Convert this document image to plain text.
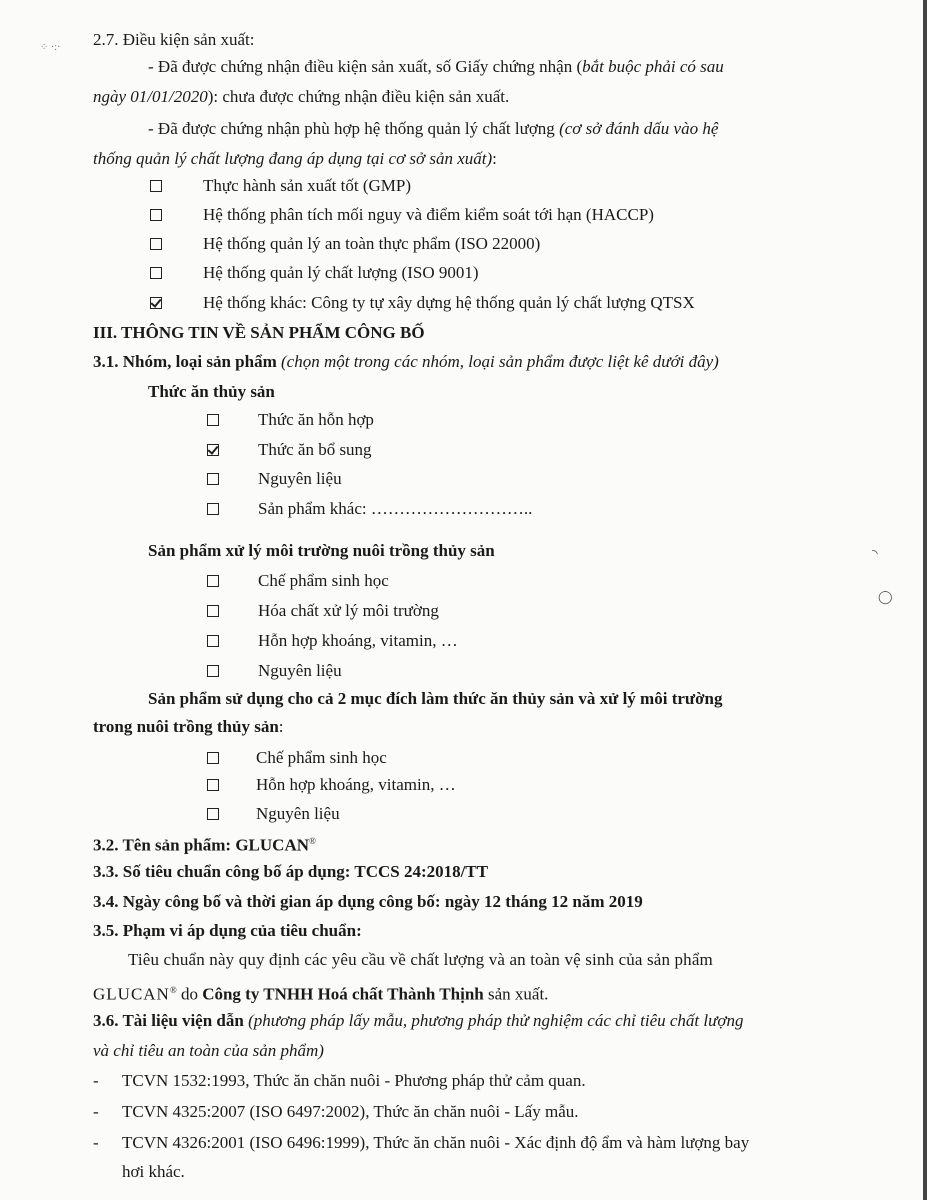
2.7. Điều kiện sản xuất:
- Đã được chứng nhận điều kiện sản xuất, số Giấy chứng nhận (bắt buộc phải có sau
ngày 01/01/2020): chưa được chứng nhận điều kiện sản xuất.
- Đã được chứng nhận phù hợp hệ thống quản lý chất lượng (cơ sở đánh dấu vào hệ
thống quản lý chất lượng đang áp dụng tại cơ sở sản xuất):
Thực hành sản xuất tốt (GMP)
Hệ thống phân tích mối nguy và điểm kiểm soát tới hạn (HACCP)
Hệ thống quản lý an toàn thực phẩm (ISO 22000)
Hệ thống quản lý chất lượng (ISO 9001)
Hệ thống khác: Công ty tự xây dựng hệ thống quản lý chất lượng QTSX
III. THÔNG TIN VỀ SẢN PHẨM CÔNG BỐ
3.1. Nhóm, loại sản phẩm (chọn một trong các nhóm, loại sản phẩm được liệt kê dưới đây)
Thức ăn thủy sản
Thức ăn hỗn hợp
Thức ăn bổ sung
Nguyên liệu
Sản phẩm khác: ………………………..
Sản phẩm xử lý môi trường nuôi trồng thủy sản
Chế phẩm sinh học
Hóa chất xử lý môi trường
Hỗn hợp khoáng, vitamin, …
Nguyên liệu
Sản phẩm sử dụng cho cả 2 mục đích làm thức ăn thủy sản và xử lý môi trường
trong nuôi trồng thủy sản:
Chế phẩm sinh học
Hỗn hợp khoáng, vitamin, …
Nguyên liệu
3.2. Tên sản phẩm: GLUCAN®
3.3. Số tiêu chuẩn công bố áp dụng: TCCS 24:2018/TT
3.4. Ngày công bố và thời gian áp dụng công bố: ngày 12 tháng 12 năm 2019
3.5. Phạm vi áp dụng của tiêu chuẩn:
Tiêu chuẩn này quy định các yêu cầu về chất lượng và an toàn vệ sinh của sản phẩm
GLUCAN® do Công ty TNHH Hoá chất Thành Thịnh sản xuất.
3.6. Tài liệu viện dẫn (phương pháp lấy mẫu, phương pháp thử nghiệm các chỉ tiêu chất lượng
và chỉ tiêu an toàn của sản phẩm)
- TCVN 1532:1993, Thức ăn chăn nuôi - Phương pháp thử cảm quan.
- TCVN 4325:2007 (ISO 6497:2002), Thức ăn chăn nuôi - Lấy mẫu.
- TCVN 4326:2001 (ISO 6496:1999), Thức ăn chăn nuôi - Xác định độ ẩm và hàm lượng bay
hơi khác.
⁘ ·:·
◜
◯
